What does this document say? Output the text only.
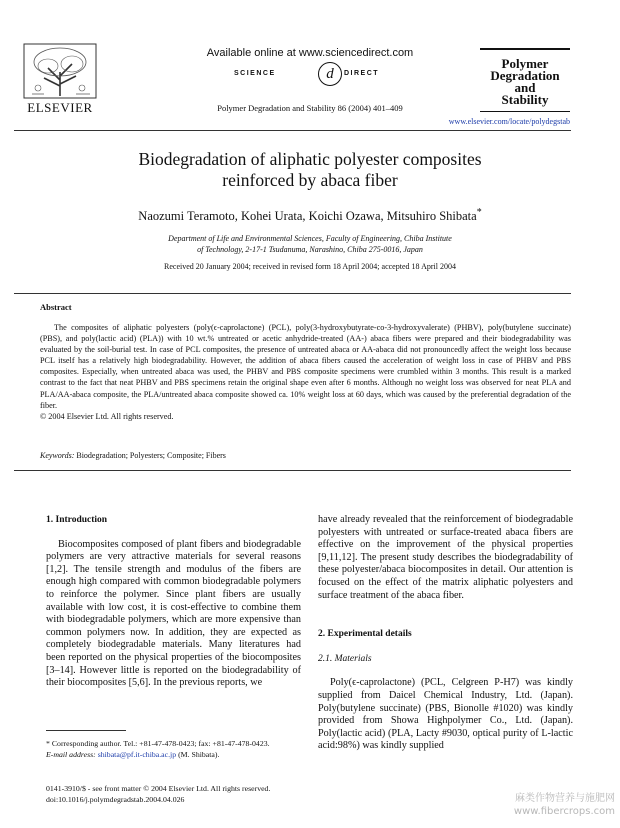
ELSEVIER
Available online at www.sciencedirect.com
SCIENCE	d	DIRECT
Polymer Degradation and Stability 86 (2004) 401–409
Polymer
Degradation
and
Stability
www.elsevier.com/locate/polydegstab
Biodegradation of aliphatic polyester composites
reinforced by abaca fiber
Naozumi Teramoto, Kohei Urata, Koichi Ozawa, Mitsuhiro Shibata*
Department of Life and Environmental Sciences, Faculty of Engineering, Chiba Institute
of Technology, 2-17-1 Tsudanuma, Narashino, Chiba 275-0016, Japan
Received 20 January 2004; received in revised form 18 April 2004; accepted 18 April 2004
Abstract

The composites of aliphatic polyesters (poly(ϵ-caprolactone) (PCL), poly(3-hydroxybutyrate-co-3-hydroxyvalerate) (PHBV), poly(butylene succinate) (PBS), and poly(lactic acid) (PLA)) with 10 wt.% untreated or acetic anhydride-treated (AA-) abaca fibers were prepared and their biodegradability was evaluated by the soil-burial test. In case of PCL composites, the presence of untreated abaca or AA-abaca did not pronouncedly affect the weight loss because PCL itself has a relatively high biodegradability. However, the addition of abaca fibers caused the acceleration of weight loss in case of PHBV and PBS composites. Especially, when untreated abaca was used, the PHBV and PBS composite specimens were crumbled within 3 months. This result is a marked contrast to the fact that neat PHBV and PBS specimens retain the original shape even after 6 months. Although no weight loss was observed for neat PLA and PLA/AA-abaca composite, the PLA/untreated abaca composite showed ca. 10% weight loss at 60 days, which was caused by the preferential degradation of the fiber.

© 2004 Elsevier Ltd. All rights reserved.

Keywords: Biodegradation; Polyesters; Composite; Fibers

1. Introduction

Biocomposites composed of plant fibers and biodegradable polymers are very attractive materials for several reasons [1,2]. The tensile strength and modulus of the fibers are enough high compared with common biodegradable polymers to reinforce the polymer. Since plant fibers are usually available with low cost, it is cost-effective to combine them with biodegradable polymers, which are more expensive than common polymers now. In addition, they are expected as completely biodegradable materials. Many literatures had been reported on the physical properties of the biocomposites [3–14]. However little is reported on the biodegradability of their biocomposites [5,6]. In the previous reports, we

have already revealed that the reinforcement of biodegradable polyesters with untreated or surface-treated abaca fibers are effective on the improvement of the physical properties [9,11,12]. The present study describes the biodegradability of these polyester/abaca biocomposites in detail. Our attention is focused on the effect of the matrix aliphatic polyesters and surface treatment of the abaca fiber.

2. Experimental details

2.1. Materials

Poly(ϵ-caprolactone) (PCL, Celgreen P-H7) was kindly supplied from Daicel Chemical Industry, Ltd. (Japan). Poly(butylene succinate) (PBS, Bionolle #1020) was kindly provided from Showa Highpolymer Co., Ltd. (Japan). Poly(lactic acid) (PLA, Lacty #9030, optical purity of L-lactic acid:98%) was kindly supplied

* Corresponding author. Tel.: +81-47-478-0423; fax: +81-47-478-0423.

E-mail address: shibata@pf.it-chiba.ac.jp (M. Shibata).

0141-3910/$ - see front matter © 2004 Elsevier Ltd. All rights reserved.
doi:10.1016/j.polymdegradstab.2004.04.026	麻类作物营养与施肥网
www.fibercrops.com
